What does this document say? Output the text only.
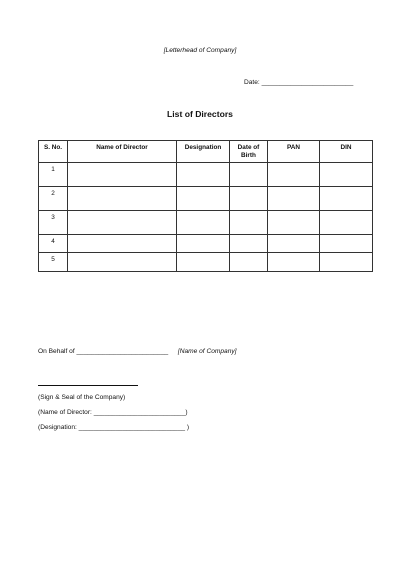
[Letterhead of Company]
Date: _________________________
List of Directors
S. No.	Name of Director	Designation	Date of Birth	PAN	DIN
1					
2					
3					
4					
5					
On Behalf of _________________________ [Name of Company]
(Sign & Seal of the Company)
(Name of Director: _________________________)
(Designation: _____________________________ )
